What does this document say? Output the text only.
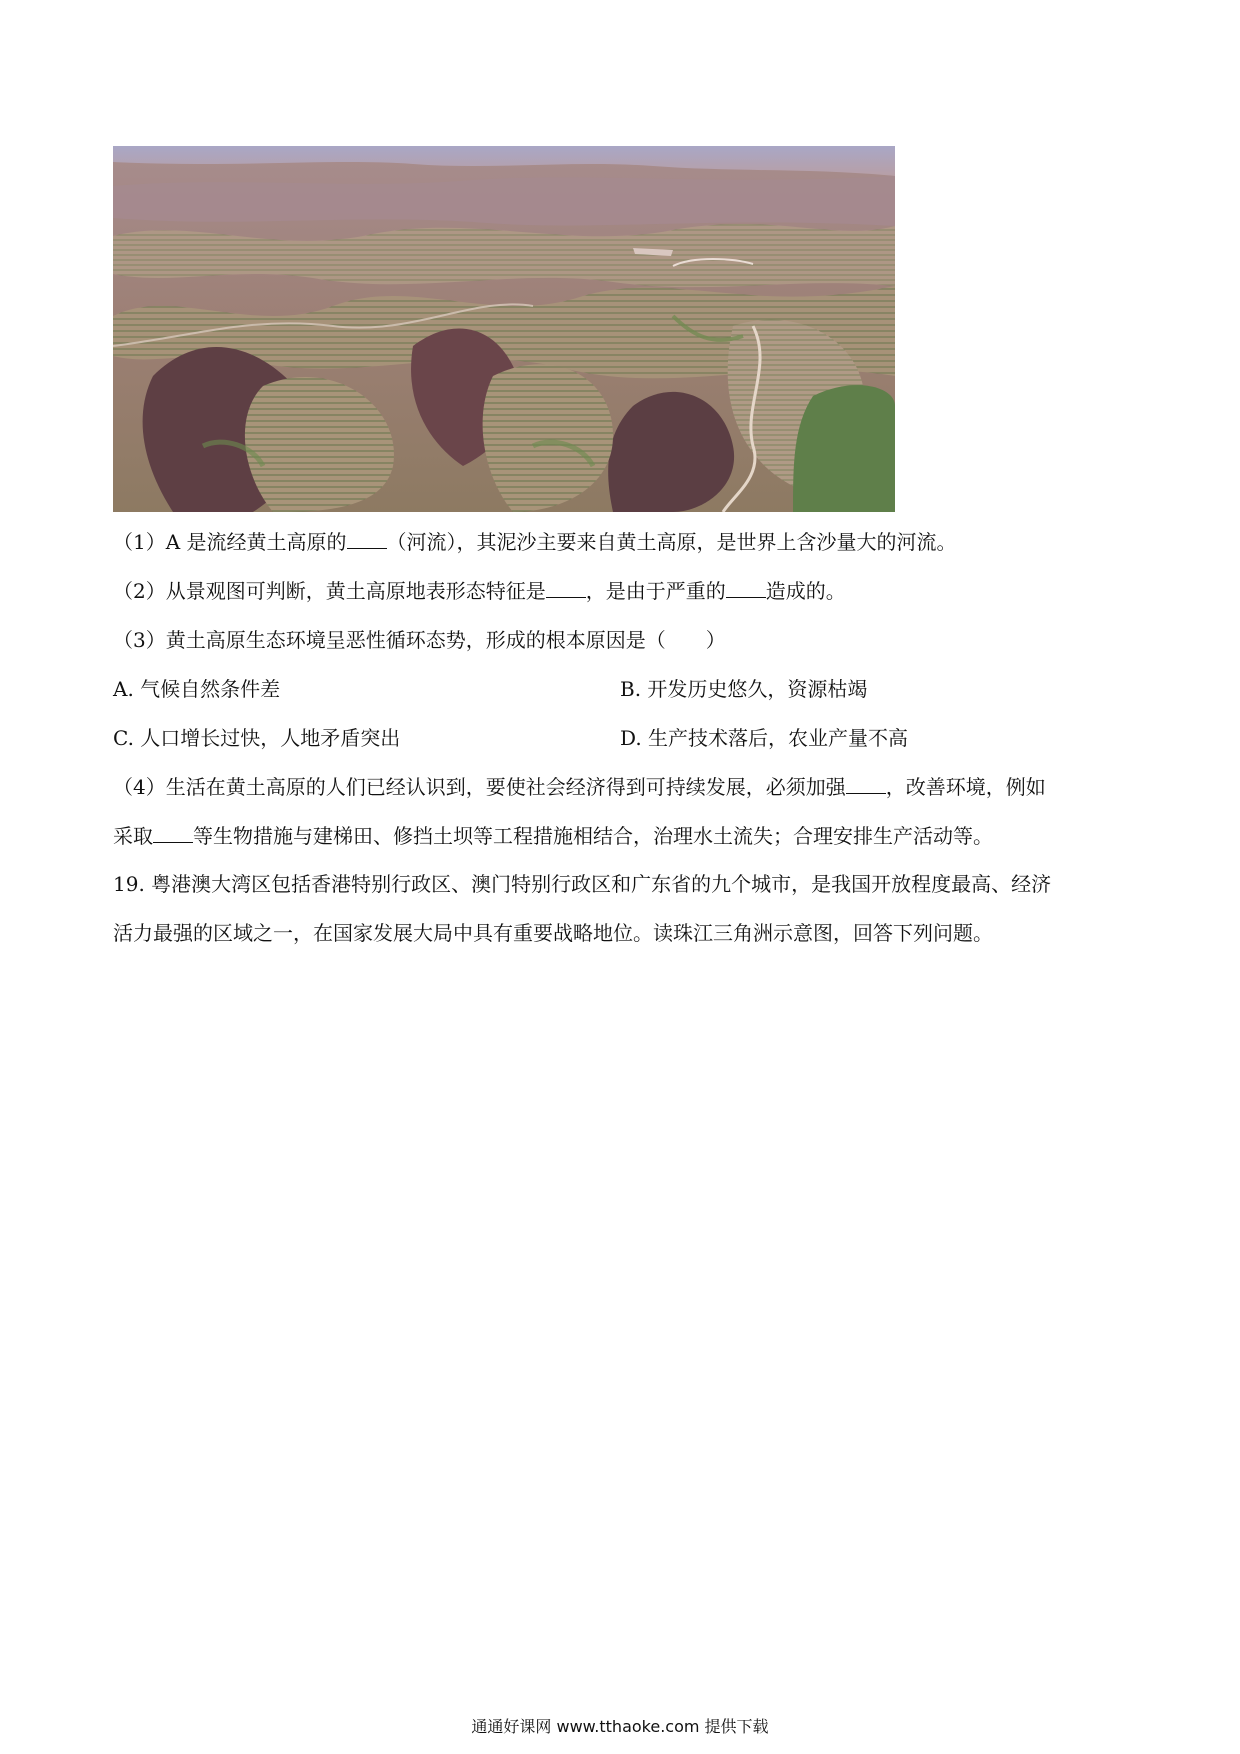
（1）A 是流经黄土高原的 （河流），其泥沙主要来自黄土高原，是世界上含沙量大的河流。
（2）从景观图可判断，黄土高原地表形态特征是 ，是由于严重的 造成的。
（3）黄土高原生态环境呈恶性循环态势，形成的根本原因是（　　）
A. 气候自然条件差	B. 开发历史悠久，资源枯竭
C. 人口增长过快，人地矛盾突出	D. 生产技术落后，农业产量不高
（4）生活在黄土高原的人们已经认识到，要使社会经济得到可持续发展，必须加强 ，改善环境，例如
采取 等生物措施与建梯田、修挡土坝等工程措施相结合，治理水土流失；合理安排生产活动等。
19. 粤港澳大湾区包括香港特别行政区、澳门特别行政区和广东省的九个城市，是我国开放程度最高、经济
活力最强的区域之一，在国家发展大局中具有重要战略地位。读珠江三角洲示意图，回答下列问题。
通通好课网 www.tthaoke.com 提供下载
